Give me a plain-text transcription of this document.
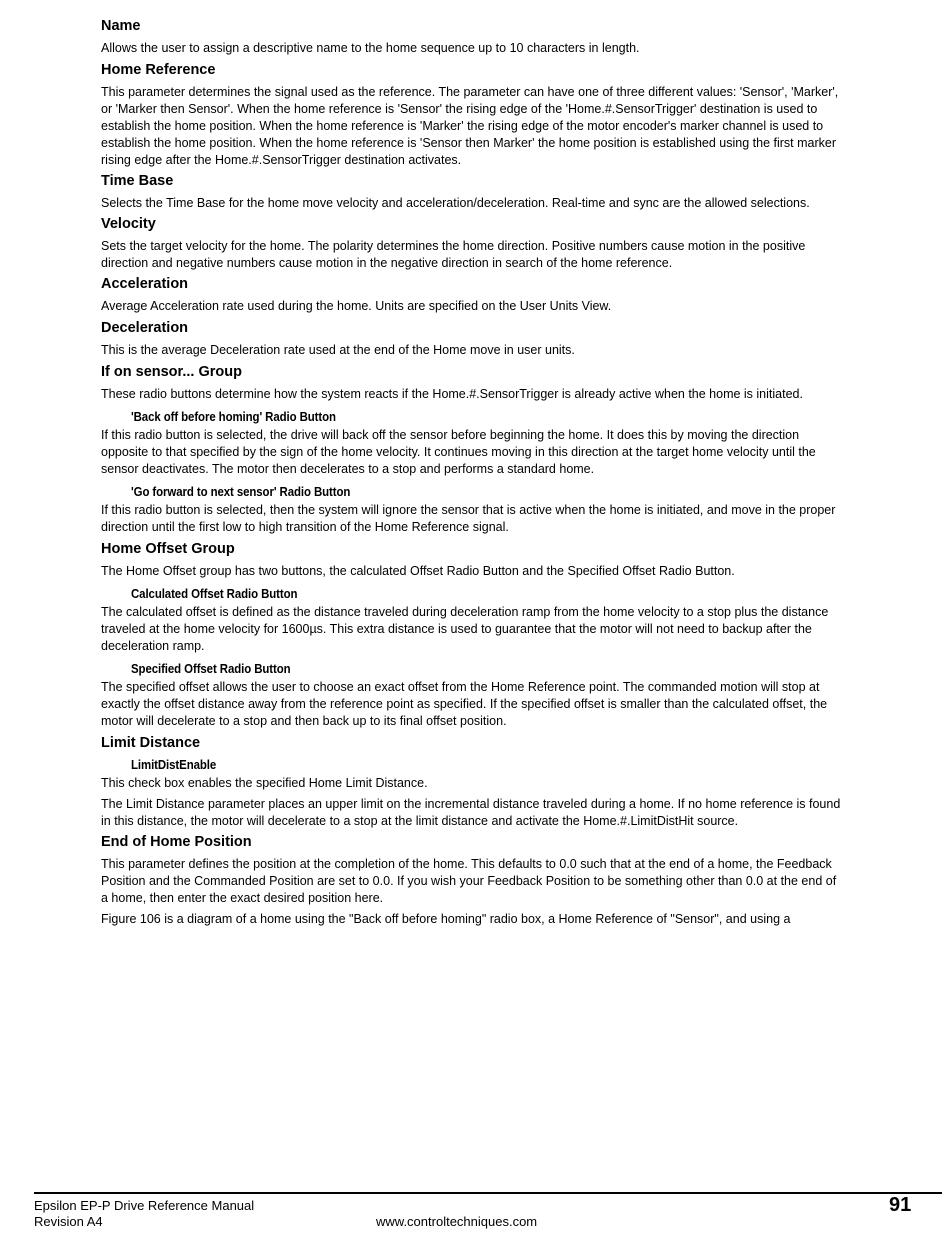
Name

Allows the user to assign a descriptive name to the home sequence up to 10 characters in length.

Home Reference

This parameter determines the signal used as the reference. The parameter can have one of three different values: 'Sensor', 'Marker', or 'Marker then Sensor'. When the home reference is 'Sensor' the rising edge of the 'Home.#.SensorTrigger' destination is used to establish the home position. When the home reference is 'Marker' the rising edge of the motor encoder's marker channel is used to establish the home position. When the home reference is 'Sensor then Marker' the home position is established using the first marker rising edge after the Home.#.SensorTrigger destination activates.

Time Base

Selects the Time Base for the home move velocity and acceleration/deceleration. Real-time and sync are the allowed selections.

Velocity

Sets the target velocity for the home. The polarity determines the home direction. Positive numbers cause motion in the positive direction and negative numbers cause motion in the negative direction in search of the home reference.

Acceleration

Average Acceleration rate used during the home. Units are specified on the User Units View.

Deceleration

This is the average Deceleration rate used at the end of the Home move in user units.

If on sensor... Group

These radio buttons determine how the system reacts if the Home.#.SensorTrigger is already active when the home is initiated.

'Back off before homing' Radio Button

If this radio button is selected, the drive will back off the sensor before beginning the home. It does this by moving the direction opposite to that specified by the sign of the home velocity. It continues moving in this direction at the target home velocity until the sensor deactivates. The motor then decelerates to a stop and performs a standard home.

'Go forward to next sensor' Radio Button

If this radio button is selected, then the system will ignore the sensor that is active when the home is initiated, and move in the proper direction until the first low to high transition of the Home Reference signal.

Home Offset Group

The Home Offset group has two buttons, the calculated Offset Radio Button and the Specified Offset Radio Button.

Calculated Offset Radio Button

The calculated offset is defined as the distance traveled during deceleration ramp from the home velocity to a stop plus the distance traveled at the home velocity for 1600µs. This extra distance is used to guarantee that the motor will not need to backup after the deceleration ramp.

Specified Offset Radio Button

The specified offset allows the user to choose an exact offset from the Home Reference point. The commanded motion will stop at exactly the offset distance away from the reference point as specified. If the specified offset is smaller than the calculated offset, the motor will decelerate to a stop and then back up to its final offset position.

Limit Distance
LimitDistEnable

This check box enables the specified Home Limit Distance.

The Limit Distance parameter places an upper limit on the incremental distance traveled during a home. If no home reference is found in this distance, the motor will decelerate to a stop at the limit distance and activate the Home.#.LimitDistHit source.

End of Home Position

This parameter defines the position at the completion of the home. This defaults to 0.0 such that at the end of a home, the Feedback Position and the Commanded Position are set to 0.0. If you wish your Feedback Position to be something other than 0.0 at the end of a home, then enter the exact desired position here.

Figure 106 is a diagram of a home using the "Back off before homing" radio box, a Home Reference of "Sensor", and using a

Epsilon EP-P Drive Reference Manual
Revision A4	www.controltechniques.com
91
